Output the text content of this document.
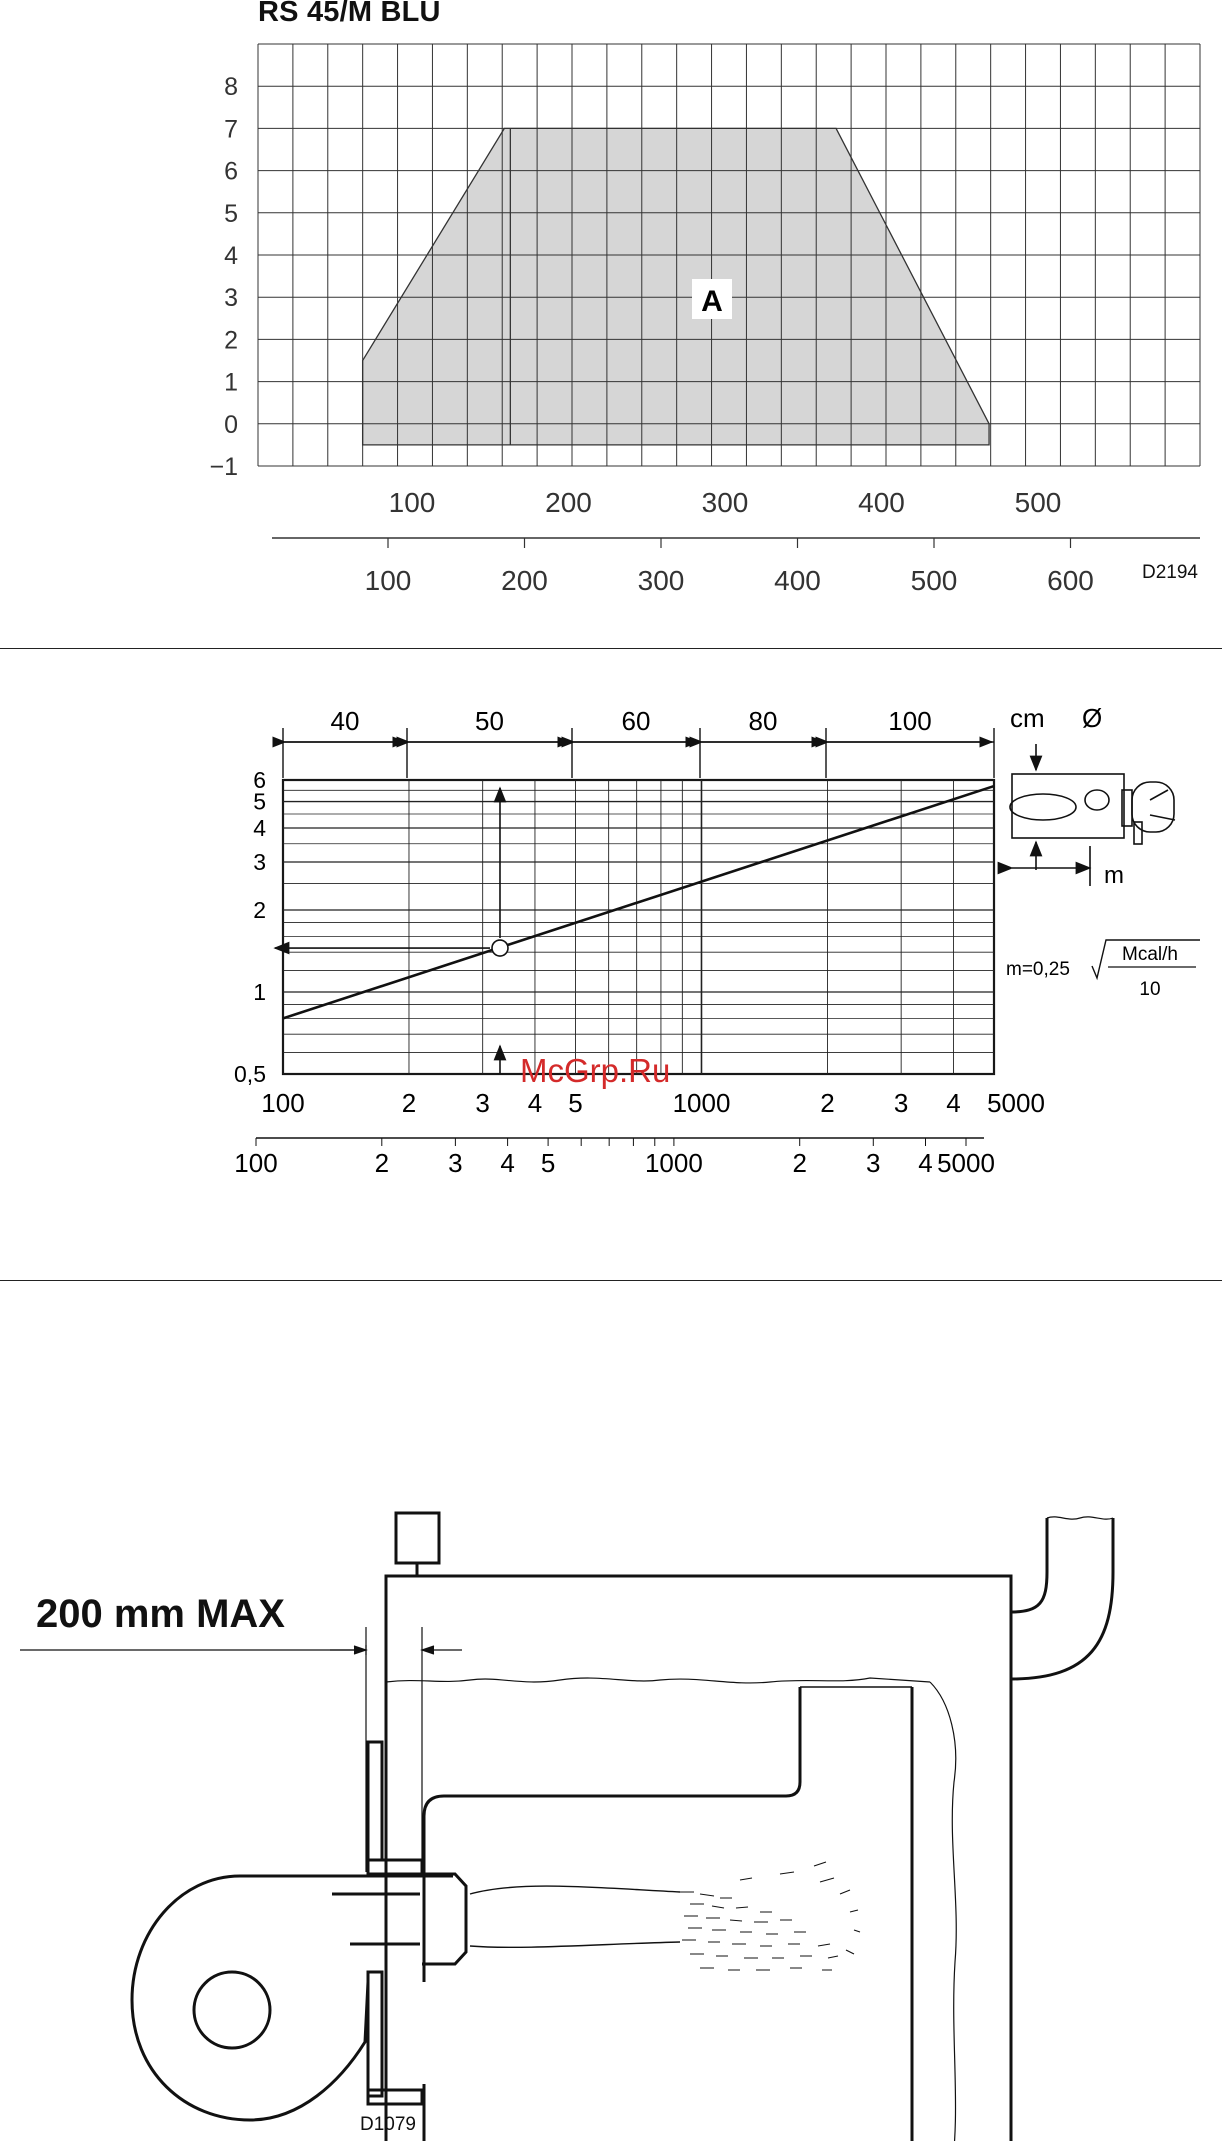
RS 45/M BLU
8
7
6
5
4
3
2
1
0
−1
100	200	300	400	500
100	200	300	400	500	600
A
D2194
40	50	60	80	100
6
5
4
3
2
1
0,5
100	2 3 4 5	1000	2 3 4 5000
100	2 3 4 5	1000	2 3 4 5000
m
cm Ø
m=0,25
Mcal/h
10
McGrp.Ru
200 mm MAX
D1079
